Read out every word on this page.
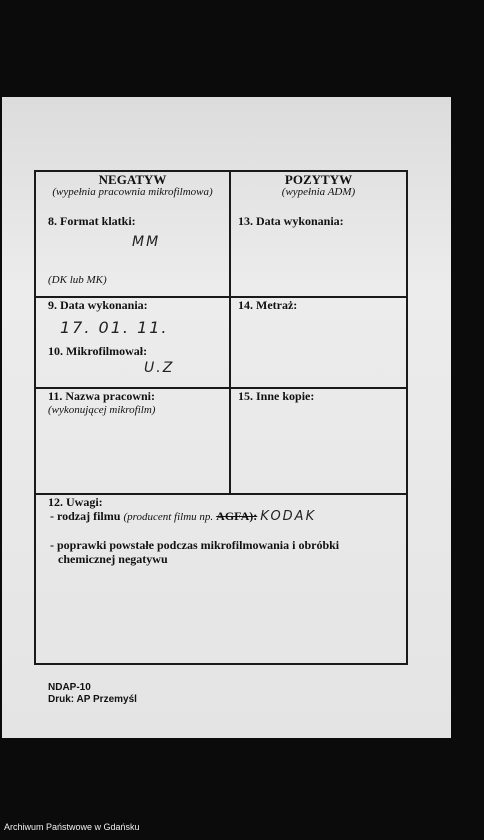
NEGATYW
(wypełnia pracownia mikrofilmowa)
POZYTYW
(wypełnia ADM)
8. Format klatki:
MM
(DK lub MK)
13. Data wykonania:
9. Data wykonania:
17. 01. 11.
10. Mikrofilmował:
U.Z
14. Metraż:
11. Nazwa pracowni:
(wykonującej mikrofilm)
15. Inne kopie:
12. Uwagi:
- rodzaj filmu (producent filmu np. AGFA): KODAK
- poprawki powstałe podczas mikrofilmowania i obróbki
chemicznej negatywu
NDAP-10
Druk: AP Przemyśl
Archiwum Państwowe w Gdańsku
